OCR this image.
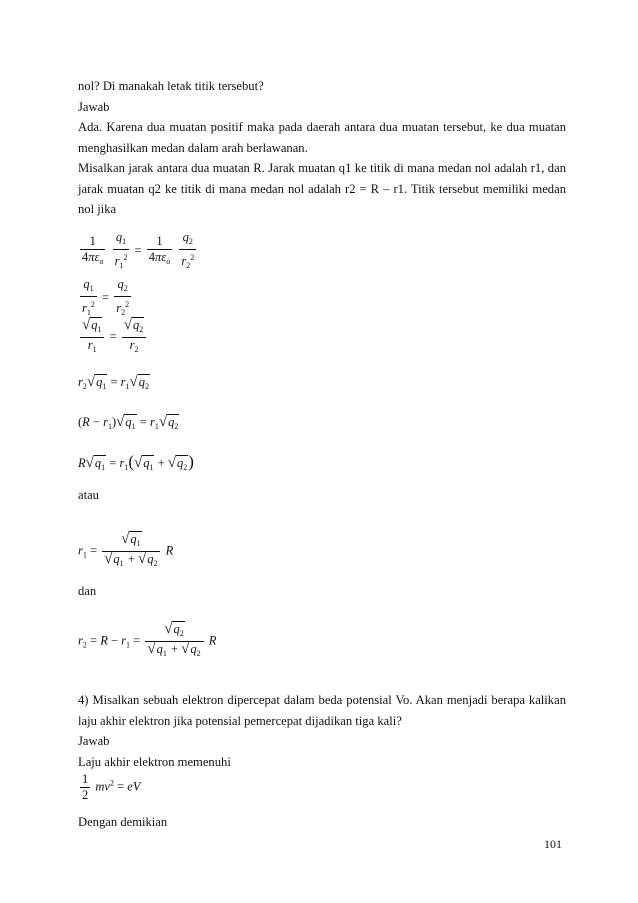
nol? Di manakah letak titik tersebut?

Jawab

Ada. Karena dua muatan positif maka pada daerah antara dua muatan tersebut, ke dua muatan menghasilkan medan dalam arah berlawanan.

Misalkan jarak antara dua muatan R. Jarak muatan q1 ke titik di mana medan nol adalah r1, dan jarak muatan q2 ke titik di mana medan nol adalah r2 = R – r1. Titik tersebut memiliki medan nol jika

$\frac{1}{4\pi\varepsilon_o}$
$\frac{q_1}{r_1^2} = \frac{1}{4\pi\varepsilon_o}$
$\frac{q_2}{r_2^2}$
$\frac{q_1}{r_1^2} = \frac{q_2}{r_2^2}$
$\frac{√q_1}{r_1} = \frac{√q_2}{r_2}$
$r_2√q_1 = r_1√q_2$
$(R - r_1)√q_1 = r_1√q_2$
$R√q_1 = r_1(√q_1 + √q_2)$
atau
$r_1 = \frac{√q_1}{√q_1 + √q_2}$ R
dan
$r_2 = R - r_1 = \frac{√q_2}{√q_1 + √q_2}$ R

4) Misalkan sebuah elektron dipercepat dalam beda potensial Vo. Akan menjadi berapa kalikan laju akhir elektron jika potensial pemercepat dijadikan tiga kali?

Jawab

Laju akhir elektron memenuhi

$\frac{1}{2} mv^2$ = eV
Dengan demikian
101
